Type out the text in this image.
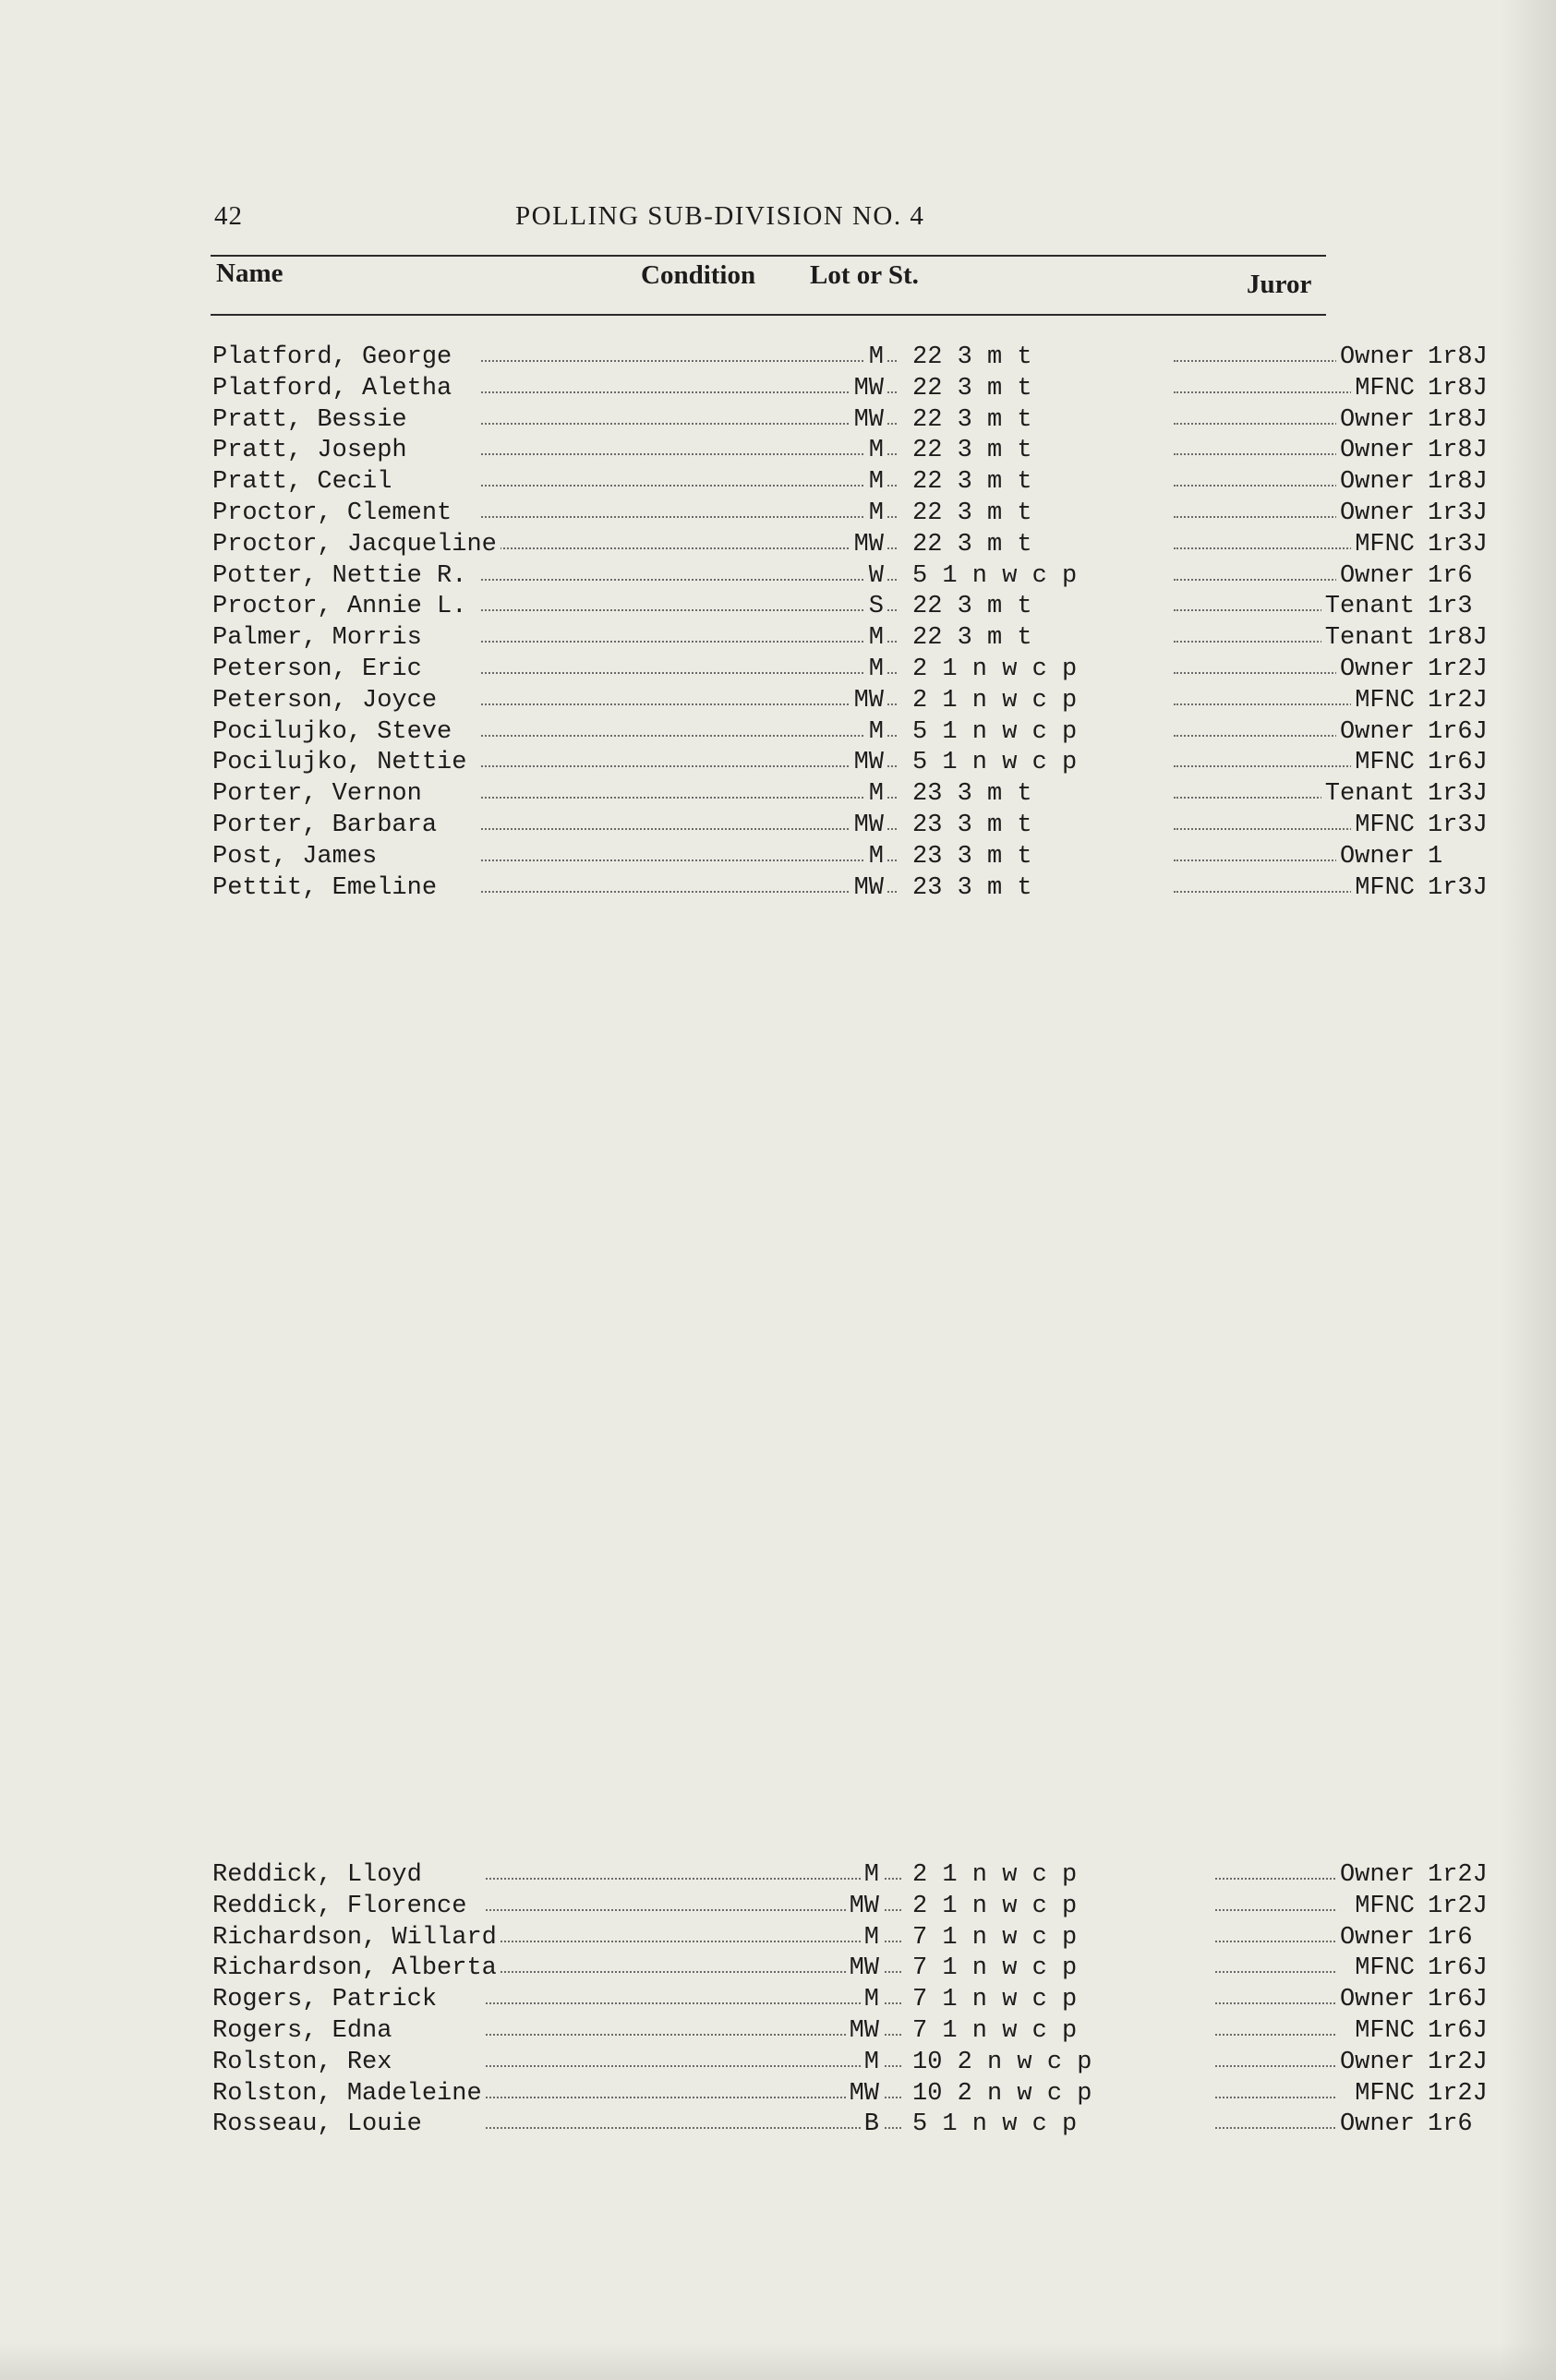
42	POLLING SUB-DIVISION NO. 4
Name	Condition Lot or St.	Juror
Platford, George	M 22 3 m t	Owner 1r8J
Platford, Aletha	MW 22 3 m t	MFNC 1r8J
Pratt, Bessie	MW 22 3 m t	Owner 1r8J
Pratt, Joseph	M 22 3 m t	Owner 1r8J
Pratt, Cecil	M 22 3 m t	Owner 1r8J
Proctor, Clement	M 22 3 m t	Owner 1r3J
Proctor, Jacqueline	MW 22 3 m t	MFNC 1r3J
Potter, Nettie R.	W 5 1 n w c p	Owner 1r6
Proctor, Annie L.	S 22 3 m t	Tenant 1r3
Palmer, Morris	M 22 3 m t	Tenant 1r8J
Peterson, Eric	M 2 1 n w c p	Owner 1r2J
Peterson, Joyce	MW 2 1 n w c p	MFNC 1r2J
Pocilujko, Steve	M 5 1 n w c p	Owner 1r6J
Pocilujko, Nettie	MW 5 1 n w c p	MFNC 1r6J
Porter, Vernon	M 23 3 m t	Tenant 1r3J
Porter, Barbara	MW 23 3 m t	MFNC 1r3J
Post, James	M 23 3 m t	Owner 1
Pettit, Emeline	MW 23 3 m t	MFNC 1r3J
Reddick, Lloyd	M 2 1 n w c p	Owner 1r2J
Reddick, Florence	MW 2 1 n w c p	MFNC 1r2J
Richardson, Willard	M 7 1 n w c p	Owner 1r6
Richardson, Alberta	MW 7 1 n w c p	MFNC 1r6J
Rogers, Patrick	M 7 1 n w c p	Owner 1r6J
Rogers, Edna	MW 7 1 n w c p	MFNC 1r6J
Rolston, Rex	M 10 2 n w c p	Owner 1r2J
Rolston, Madeleine	MW 10 2 n w c p	MFNC 1r2J
Rosseau, Louie	B 5 1 n w c p	Owner 1r6
